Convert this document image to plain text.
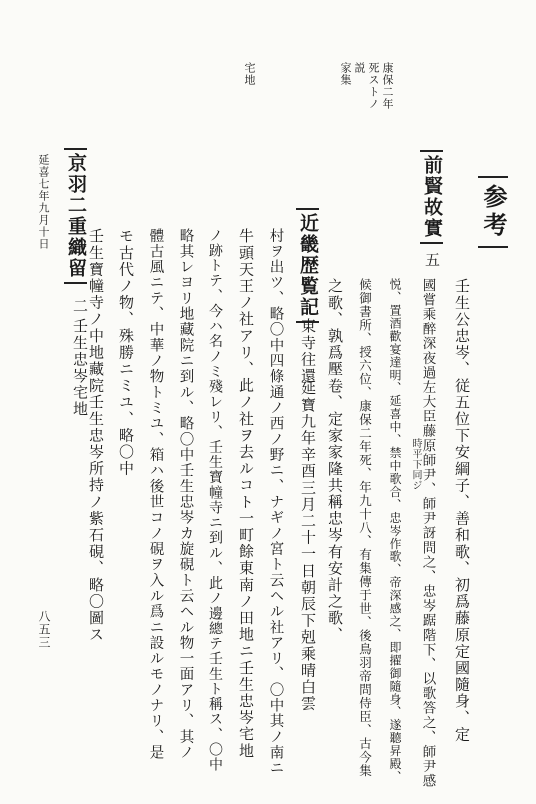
康保二年
死ストノ
説
家集
宅地
参考
前賢故實
五
壬生公忠岑、従五位下安綱子、善和歌、初爲藤原定國隨身、定
國嘗乘醉深夜過左大臣藤原師尹、師尹訝問之、忠岑踞階下、以歌答之、師尹感
悦、置酒歡宴達明、延喜中、禁中歌合、忠岑作歌、帝深感之、即擢御隨身、遂聽昇殿、
候御書所、授六位、康保二年死、年九十八、有集傳于世、後鳥羽帝問侍臣、古今集
之歌、孰爲壓卷、定家家隆共稱忠岑有安計之歌、	時平下同ジ
近畿歴覧記
東寺往還
延寶九年辛酉三月二十一日朝辰下剋乘晴白雲
村ヲ出ツ、略〇中四條通ノ西ノ野ニ、ナギノ宮ト云ヘル社アリ、〇中其ノ南ニ
牛頭天王ノ社アリ、此ノ社ヲ去ルコト一町餘東南ノ田地ニ壬生忠岑宅地
ノ跡トテ、今ハ名ノミ殘レリ、壬生寶幢寺ニ到ル、此ノ邊總テ壬生ト稱ス、〇中
略其レヨリ地藏院ニ到ル、略〇中壬生忠岑カ旋硯ト云ヘル物一面アリ、其ノ
體古風ニテ、中華ノ物トミユ、箱ハ後世コノ硯ヲ入ル爲ニ設ルモノナリ、是
モ古代ノ物、殊勝ニミユ、略〇中
京羽二重織留
二
壬生忠岑宅地
壬生寶幢寺ノ中地藏院壬生忠岑所持ノ紫石硯、略〇圖ス
延喜七年九月十日
八五三
